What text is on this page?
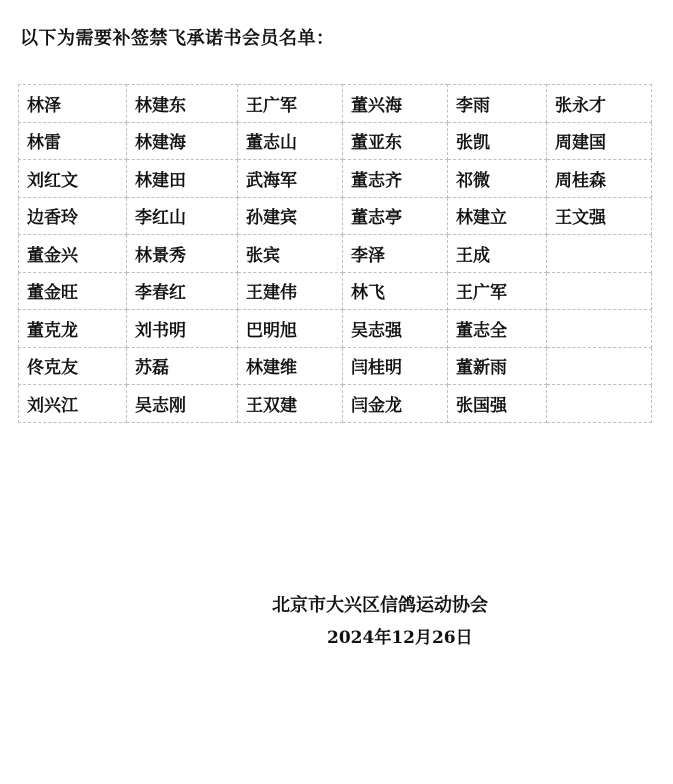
以下为需要补签禁飞承诺书会员名单：
林泽	林建东	王广军	董兴海	李雨	张永才
林雷	林建海	董志山	董亚东	张凯	周建国
刘红文	林建田	武海军	董志齐	祁微	周桂森
边香玲	李红山	孙建宾	董志亭	林建立	王文强
董金兴	林景秀	张宾	李泽	王成	
董金旺	李春红	王建伟	林飞	王广军	
董克龙	刘书明	巴明旭	吴志强	董志全	
佟克友	苏磊	林建维	闫桂明	董新雨	
刘兴江	吴志刚	王双建	闫金龙	张国强	
北京市大兴区信鸽运动协会
2024年12月26日
